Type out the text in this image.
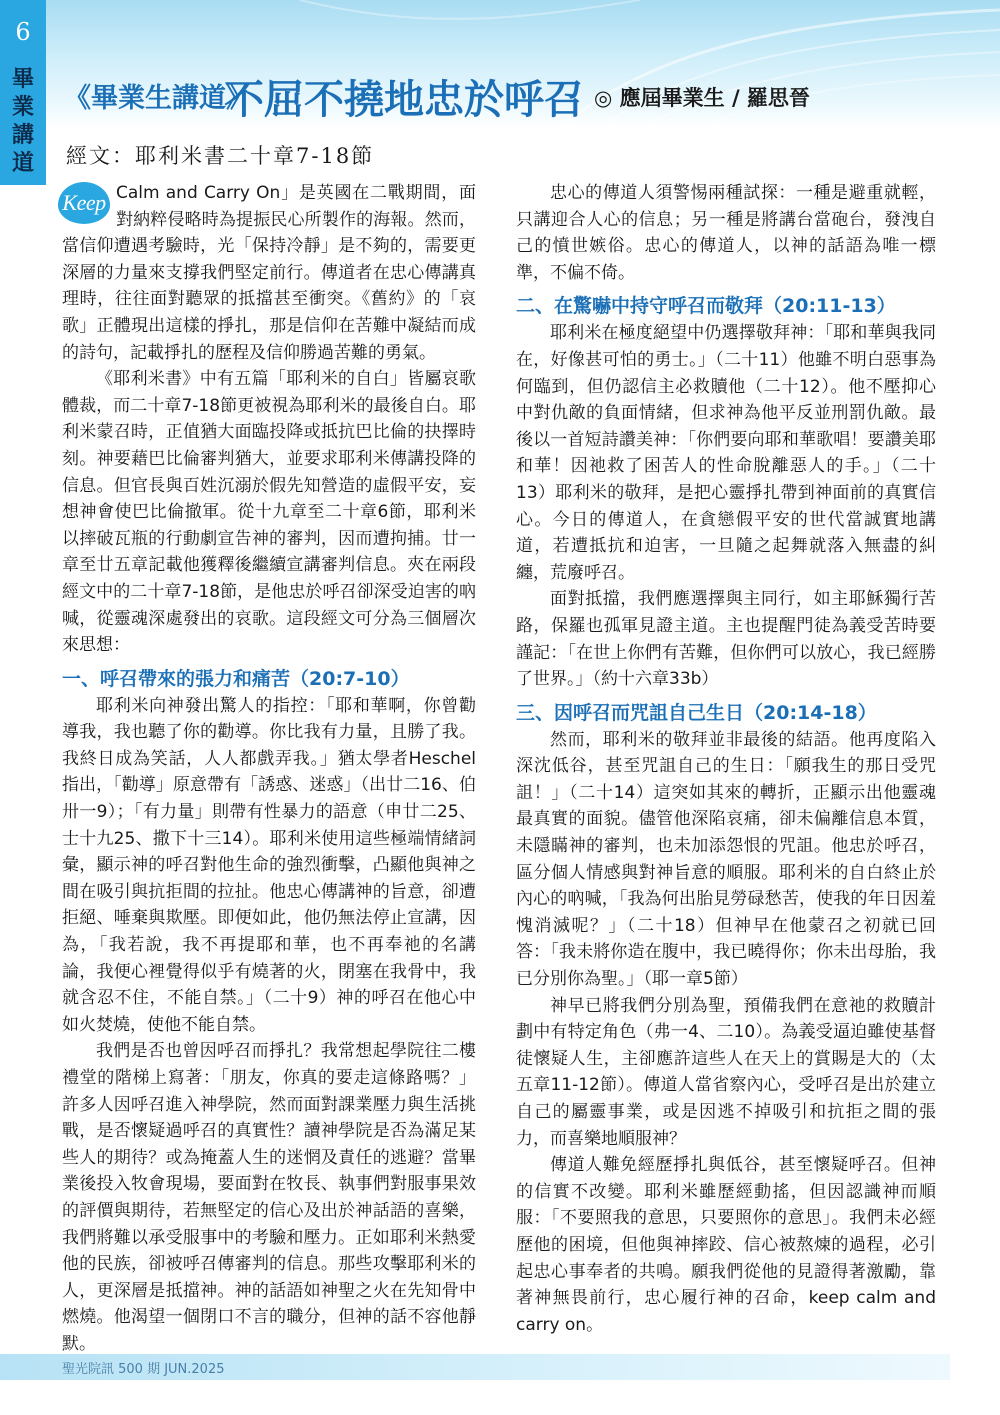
6
畢
業
講
道
《畢業生講道》
不屈不撓地忠於呼召 ◎ 應屆畢業生 / 羅思晉
經文：耶利米書二十章7-18節

Keep Calm and Carry On」是英國在二戰期間，面對納粹侵略時為提振民心所製作的海報。然而，當信仰遭遇考驗時，光「保持冷靜」是不夠的，需要更深層的力量來支撐我們堅定前行。傳道者在忠心傳講真理時，往往面對聽眾的抵擋甚至衝突。《舊約》的「哀歌」正體現出這樣的掙扎，那是信仰在苦難中凝結而成的詩句，記載掙扎的歷程及信仰勝過苦難的勇氣。

《耶利米書》中有五篇「耶利米的自白」皆屬哀歌體裁，而二十章7-18節更被視為耶利米的最後自白。耶利米蒙召時，正值猶大面臨投降或抵抗巴比倫的抉擇時刻。神要藉巴比倫審判猶大，並要求耶利米傳講投降的信息。但官長與百姓沉溺於假先知營造的虛假平安，妄想神會使巴比倫撤軍。從十九章至二十章6節，耶利米以摔破瓦瓶的行動劇宣告神的審判，因而遭拘捕。廿一章至廿五章記載他獲釋後繼續宣講審判信息。夾在兩段經文中的二十章7-18節，是他忠於呼召卻深受迫害的吶喊，從靈魂深處發出的哀歌。這段經文可分為三個層次來思想：

一、呼召帶來的張力和痛苦（20:7-10）

耶利米向神發出驚人的指控：「耶和華啊，你曾勸導我，我也聽了你的勸導。你比我有力量，且勝了我。我終日成為笑話，人人都戲弄我。」猶太學者Heschel指出，「勸導」原意帶有「誘惑、迷惑」（出廿二16、伯卅一9）；「有力量」則帶有性暴力的語意（申廿二25、士十九25、撒下十三14）。耶利米使用這些極端情緒詞彙，顯示神的呼召對他生命的強烈衝擊，凸顯他與神之間在吸引與抗拒間的拉扯。他忠心傳講神的旨意，卻遭拒絕、唾棄與欺壓。即便如此，他仍無法停止宣講，因為，「我若說，我不再提耶和華，也不再奉祂的名講論，我便心裡覺得似乎有燒著的火，閉塞在我骨中，我就含忍不住，不能自禁。」（二十9）神的呼召在他心中如火焚燒，使他不能自禁。

我們是否也曾因呼召而掙扎？我常想起學院往二樓禮堂的階梯上寫著：「朋友，你真的要走這條路嗎？」許多人因呼召進入神學院，然而面對課業壓力與生活挑戰，是否懷疑過呼召的真實性？讀神學院是否為滿足某些人的期待？或為掩蓋人生的迷惘及責任的逃避？當畢業後投入牧會現場，要面對在牧長、執事們對服事果效的評價與期待，若無堅定的信心及出於神話語的喜樂，我們將難以承受服事中的考驗和壓力。正如耶利米熱愛他的民族，卻被呼召傳審判的信息。那些攻擊耶利米的人，更深層是抵擋神。神的話語如神聖之火在先知骨中燃燒。他渴望一個閉口不言的職分，但神的話不容他靜默。

忠心的傳道人須警惕兩種試探：一種是避重就輕，只講迎合人心的信息；另一種是將講台當砲台，發洩自己的憤世嫉俗。忠心的傳道人，以神的話語為唯一標準，不偏不倚。

二、在驚嚇中持守呼召而敬拜（20:11-13）

耶利米在極度絕望中仍選擇敬拜神：「耶和華與我同在，好像甚可怕的勇士。」（二十11）他雖不明白惡事為何臨到，但仍認信主必救贖他（二十12）。他不壓抑心中對仇敵的負面情緒，但求神為他平反並刑罰仇敵。最後以一首短詩讚美神：「你們要向耶和華歌唱！要讚美耶和華！因祂救了困苦人的性命脫離惡人的手。」（二十13）耶利米的敬拜，是把心靈掙扎帶到神面前的真實信心。今日的傳道人，在貪戀假平安的世代當誠實地講道，若遭抵抗和迫害，一旦隨之起舞就落入無盡的糾纏，荒廢呼召。

面對抵擋，我們應選擇與主同行，如主耶穌獨行苦路，保羅也孤軍見證主道。主也提醒門徒為義受苦時要謹記：「在世上你們有苦難，但你們可以放心，我已經勝了世界。」（約十六章33b）

三、因呼召而咒詛自己生日（20:14-18）

然而，耶利米的敬拜並非最後的結語。他再度陷入深沈低谷，甚至咒詛自己的生日：「願我生的那日受咒詛！」（二十14）這突如其來的轉折，正顯示出他靈魂最真實的面貌。儘管他深陷哀痛，卻未偏離信息本質，未隱瞞神的審判，也未加添怨恨的咒詛。他忠於呼召，區分個人情感與對神旨意的順服。耶利米的自白終止於內心的吶喊，「我為何出胎見勞碌愁苦，使我的年日因羞愧消滅呢？」（二十18）但神早在他蒙召之初就已回答：「我未將你造在腹中，我已曉得你；你未出母胎，我已分別你為聖。」（耶一章5節）

神早已將我們分別為聖，預備我們在意祂的救贖計劃中有特定角色（弗一4、二10）。為義受逼迫雖使基督徒懷疑人生，主卻應許這些人在天上的賞賜是大的（太五章11-12節）。傳道人當省察內心，受呼召是出於建立自己的屬靈事業，或是因逃不掉吸引和抗拒之間的張力，而喜樂地順服神？

傳道人難免經歷掙扎與低谷，甚至懷疑呼召。但神的信實不改變。耶利米雖歷經動搖，但因認識神而順服：「不要照我的意思，只要照你的意思」。我們未必經歷他的困境，但他與神摔跤、信心被熬煉的過程，必引起忠心事奉者的共鳴。願我們從他的見證得著激勵，靠著神無畏前行，忠心履行神的召命，keep calm and carry on。

聖光院訊 500 期 JUN.2025
